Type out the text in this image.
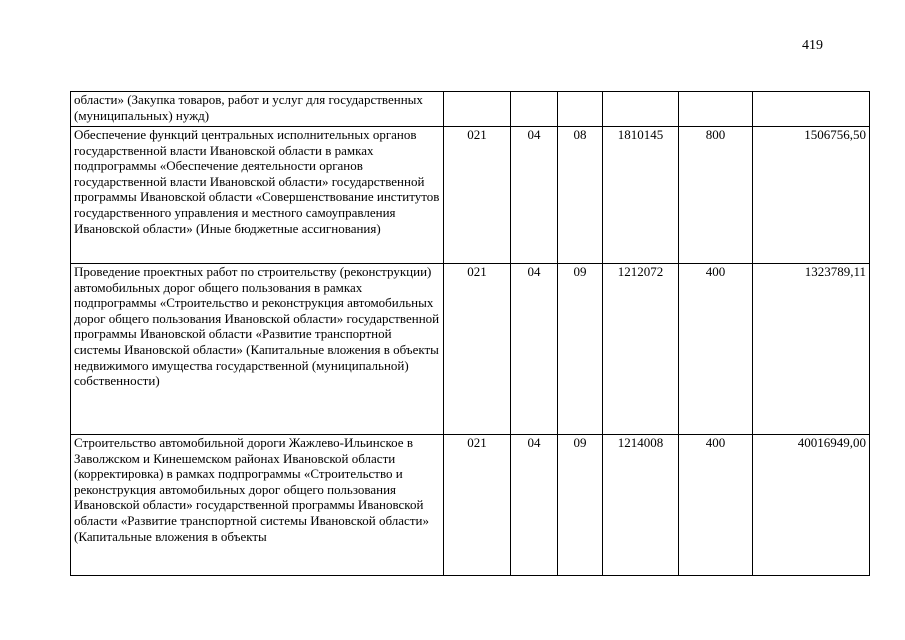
419
области» (Закупка товаров, работ и услуг для государственных (муниципальных) нужд)						
Обеспечение функций центральных исполнительных органов государственной власти Ивановской области в рамках подпрограммы «Обеспечение деятельности органов государственной власти Ивановской области» государственной программы Ивановской области «Совершенствование институтов государственного управления и местного самоуправления Ивановской области» (Иные бюджетные ассигнования)	021	04	08	1810145	800	1506756,50
Проведение проектных работ по строительству (реконструкции) автомобильных дорог общего пользования в рамках подпрограммы «Строительство и реконструкция автомобильных дорог общего пользования Ивановской области» государственной программы Ивановской области «Развитие транспортной системы Ивановской области» (Капитальные вложения в объекты недвижимого имущества государственной (муниципальной) собственности)	021	04	09	1212072	400	1323789,11
Строительство автомобильной дороги Жажлево-Ильинское в Заволжском и Кинешемском районах Ивановской области (корректировка) в рамках подпрограммы «Строительство и реконструкция автомобильных дорог общего пользования Ивановской области» государственной программы Ивановской области «Развитие транспортной системы Ивановской области» (Капитальные вложения в объекты	021	04	09	1214008	400	40016949,00
